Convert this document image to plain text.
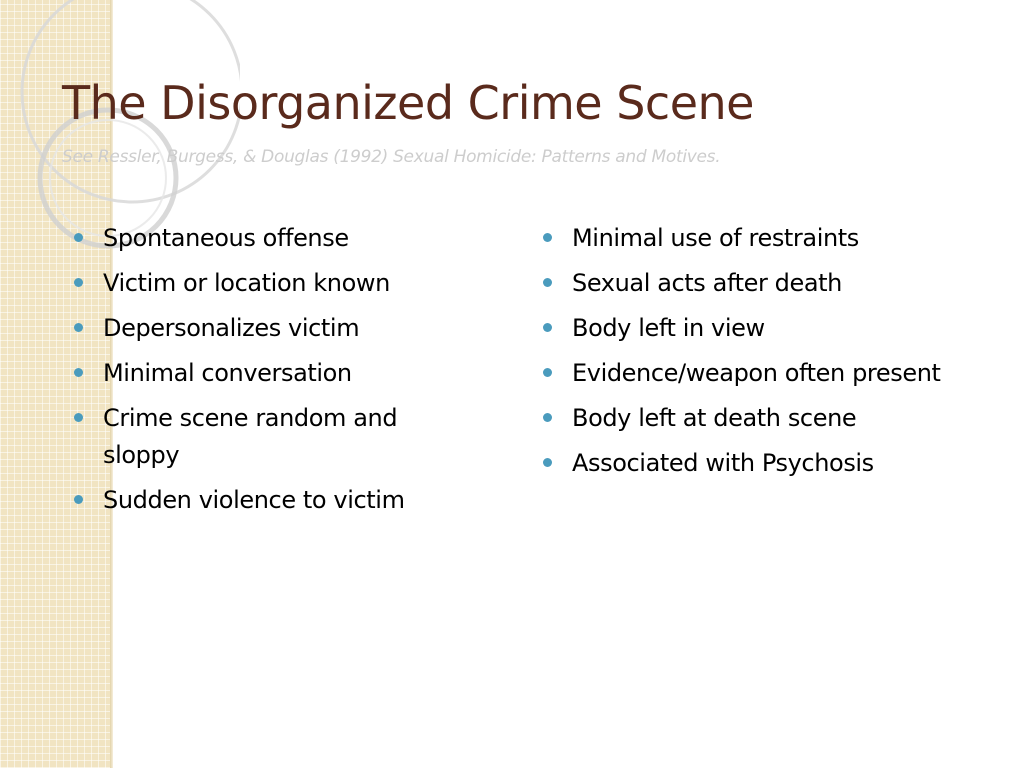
The Disorganized Crime Scene
See Ressler, Burgess, & Douglas (1992) Sexual Homicide: Patterns and Motives.
Spontaneous offense
Victim or location known
Depersonalizes victim
Minimal conversation
Crime scene random and sloppy
Sudden violence to victim
Minimal use of restraints
Sexual acts after death
Body left in view
Evidence/weapon often present
Body left at death scene
Associated with Psychosis
